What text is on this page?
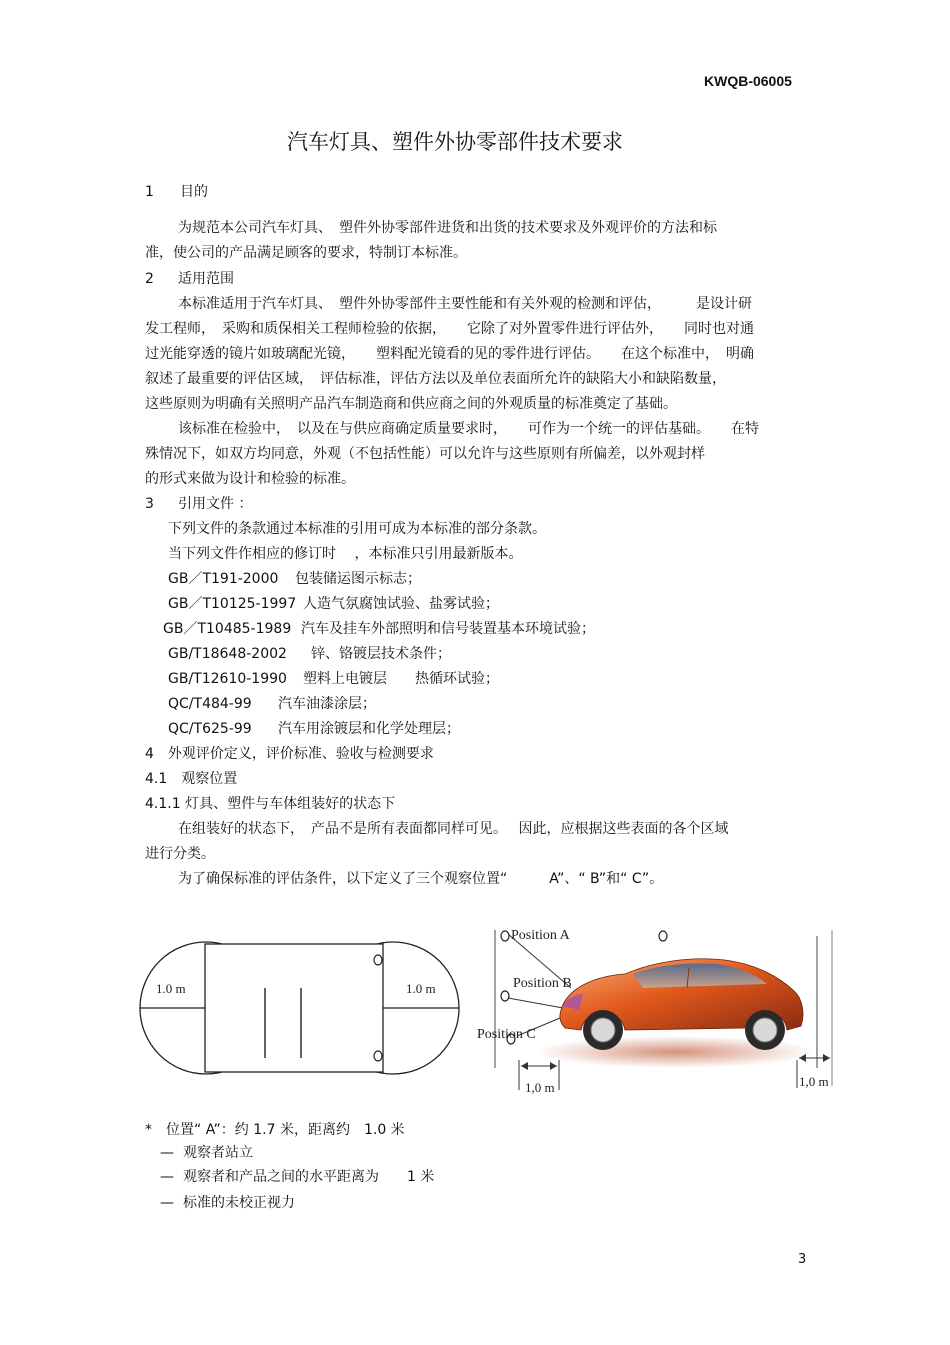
KWQB-06005
汽车灯具、塑件外协零部件技术要求
1 目的
为规范本公司汽车灯具、　塑件外协零部件进货和出货的技术要求及外观评价的方法和标
准，使公司的产品满足顾客的要求，特制订本标准。
2 适用范围
本标准适用于汽车灯具、　塑件外协零部件主要性能和有关外观的检测和评估，　　　是设计研
发工程师，　采购和质保相关工程师检验的依据，　　它除了对外置零件进行评估外，　　同时也对通
过光能穿透的镜片如玻璃配光镜，　　塑料配光镜看的见的零件进行评估。　　在这个标准中，　明确
叙述了最重要的评估区域，　评估标准，评估方法以及单位表面所允许的缺陷大小和缺陷数量，
这些原则为明确有关照明产品汽车制造商和供应商之间的外观质量的标准奠定了基础。
该标准在检验中，　以及在与供应商确定质量要求时，　　可作为一个统一的评估基础。　　在特
殊情况下，如双方均同意，外观（不包括性能）可以允许与这些原则有所偏差，以外观封样
的形式来做为设计和检验的标准。
3 引用文件 ：
下列文件的条款通过本标准的引用可成为本标准的部分条款。
当下列文件作相应的修订时　 ，本标准只引用最新版本。
GB／T191-2000 包装储运图示标志；
GB／T10125-1997 人造气氛腐蚀试验、盐雾试验；
GB／T10485-1989 汽车及挂车外部照明和信号装置基本环境试验；
GB/T18648-2002 锌、铬镀层技术条件；
GB/T12610-1990 塑料上电镀层　　热循环试验；
QC/T484-99 汽车油漆涂层；
QC/T625-99 汽车用涂镀层和化学处理层；
4　外观评价定义，评价标准、验收与检测要求
4.1　观察位置
4.1.1 灯具、塑件与车体组装好的状态下
在组装好的状态下，　产品不是所有表面都同样可见。　 因此，应根据这些表面的各个区域
进行分类。
为了确保标准的评估条件，以下定义了三个观察位置“　　　A”、“ B”和“ C”。
1.0 m	1.0 m
Position A
Position B
Position C
1,0 m	1,0 m
*　位置“ A”：约 1.7 米，距离约　1.0 米
— 观察者站立
— 观察者和产品之间的水平距离为　　1 米
— 标准的未校正视力
3
